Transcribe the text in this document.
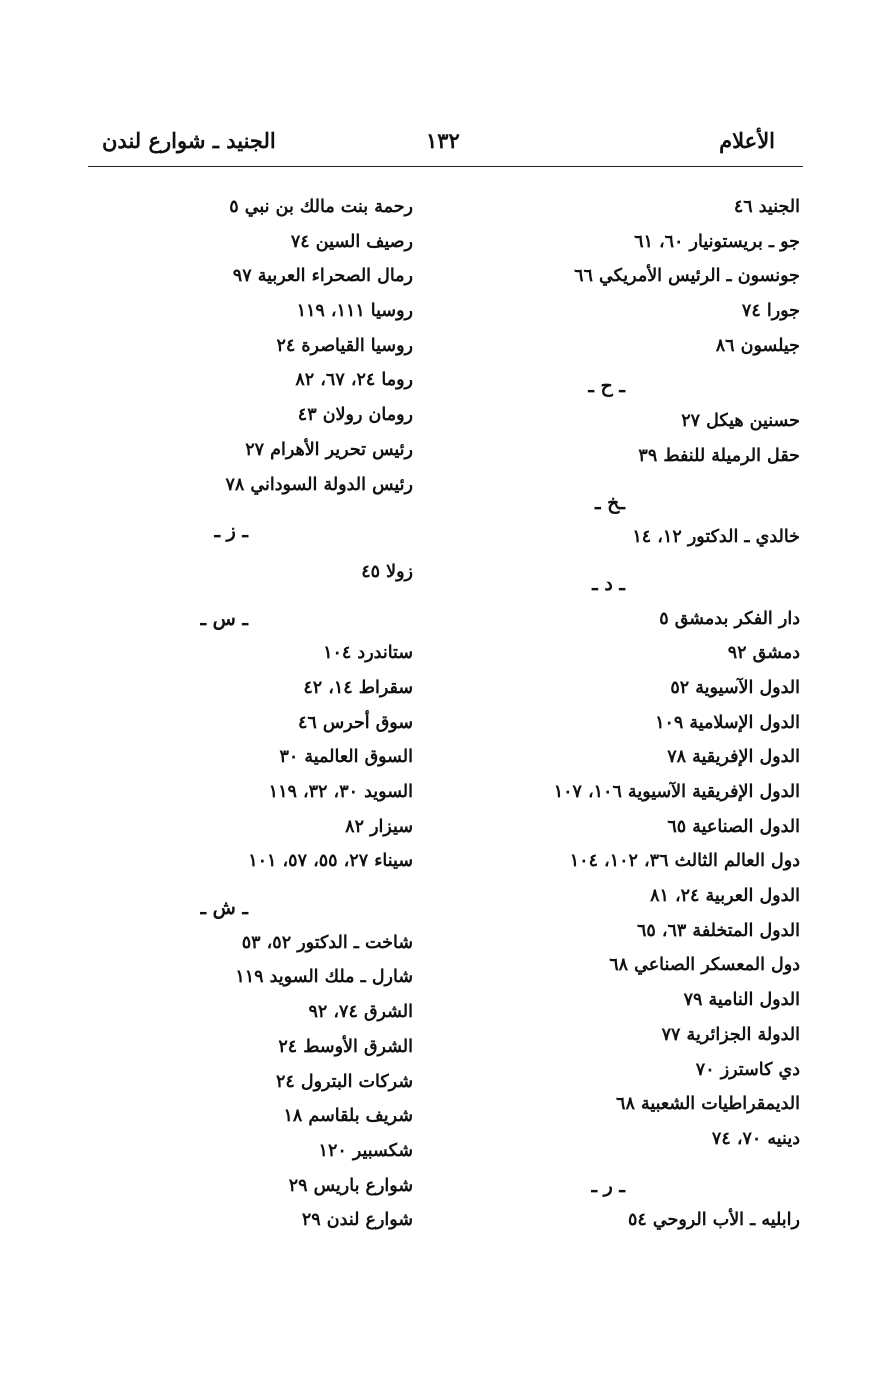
الأعلام
١٣٢
الجنيد ـ شوارع لندن
الجنيد ٤٦
جو ـ بريستونيار ٦٠، ٦١
جونسون ـ الرئيس الأمريكي ٦٦
جورا ٧٤
جيلسون ٨٦
ـ ح ـ
حسنين هيكل ٢٧
حقل الرميلة للنفط ٣٩
ـخ ـ
خالدي ـ الدكتور ١٢، ١٤
ـ د ـ
دار الفكر بدمشق ٥
دمشق ٩٢
الدول الآسيوية ٥٢
الدول الإسلامية ١٠٩
الدول الإفريقية ٧٨
الدول الإفريقية الآسيوية ١٠٦، ١٠٧
الدول الصناعية ٦٥
دول العالم الثالث ٣٦، ١٠٢، ١٠٤
الدول العربية ٢٤، ٨١
الدول المتخلفة ٦٣، ٦٥
دول المعسكر الصناعي ٦٨
الدول النامية ٧٩
الدولة الجزائرية ٧٧
دي كاسترز ٧٠
الديمقراطيات الشعبية ٦٨
دينيه ٧٠، ٧٤
ـ ر ـ
رابليه ـ الأب الروحي ٥٤
رحمة بنت مالك بن نبي ٥
رصيف السين ٧٤
رمال الصحراء العربية ٩٧
روسيا ١١١، ١١٩
روسيا القياصرة ٢٤
روما ٢٤، ٦٧، ٨٢
رومان رولان ٤٣
رئيس تحرير الأهرام ٢٧
رئيس الدولة السوداني ٧٨
ـ ز ـ
زولا ٤٥
ـ س ـ
ستاندرد ١٠٤
سقراط ١٤، ٤٢
سوق أحرس ٤٦
السوق العالمية ٣٠
السويد ٣٠، ٣٢، ١١٩
سيزار ٨٢
سيناء ٢٧، ٥٥، ٥٧، ١٠١
ـ ش ـ
شاخت ـ الدكتور ٥٢، ٥٣
شارل ـ ملك السويد ١١٩
الشرق ٧٤، ٩٢
الشرق الأوسط ٢٤
شركات البترول ٢٤
شريف بلقاسم ١٨
شكسبير ١٢٠
شوارع باريس ٢٩
شوارع لندن ٢٩
